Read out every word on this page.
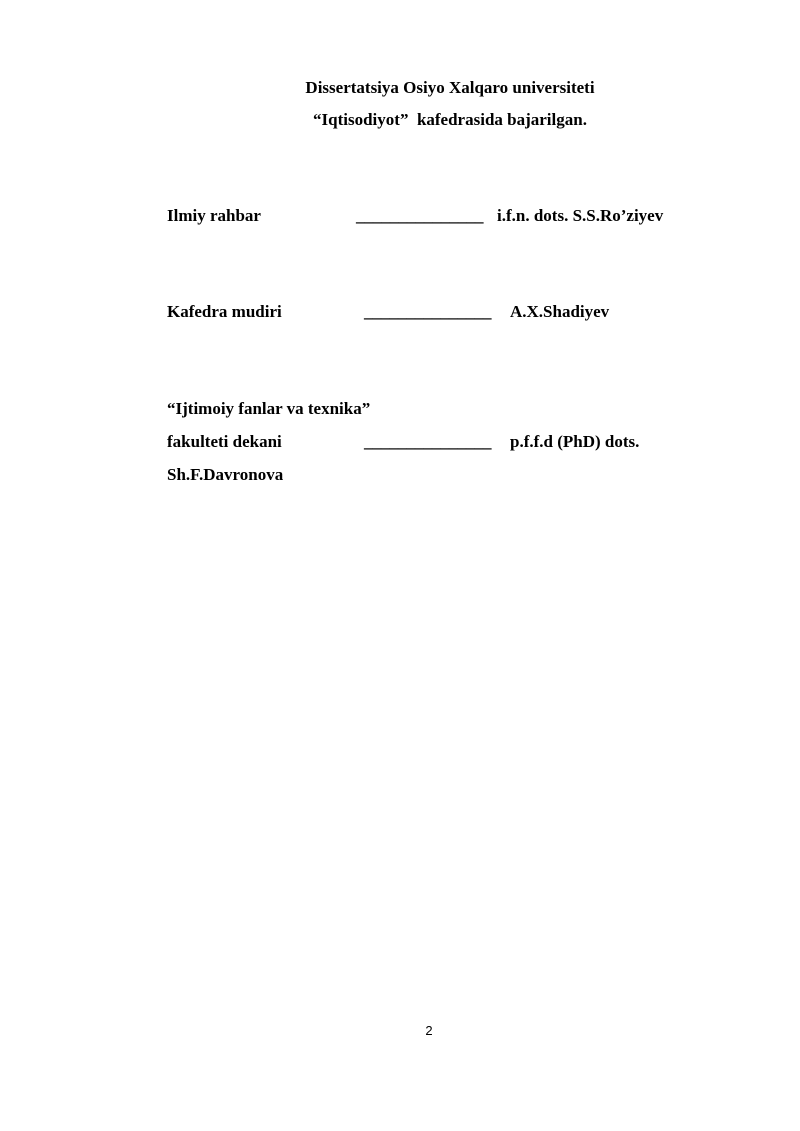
Dissertatsiya Osiyo Xalqaro universiteti
“Iqtisodiyot”  kafedrasida bajarilgan.
Ilmiy rahbar	_______________ i.f.n. dots. S.S.Ro’ziyev
Kafedra mudiri	_______________ A.X.Shadiyev
“Ijtimoiy fanlar va texnika”
fakulteti dekani	_______________ p.f.f.d (PhD) dots.
Sh.F.Davronova
2
